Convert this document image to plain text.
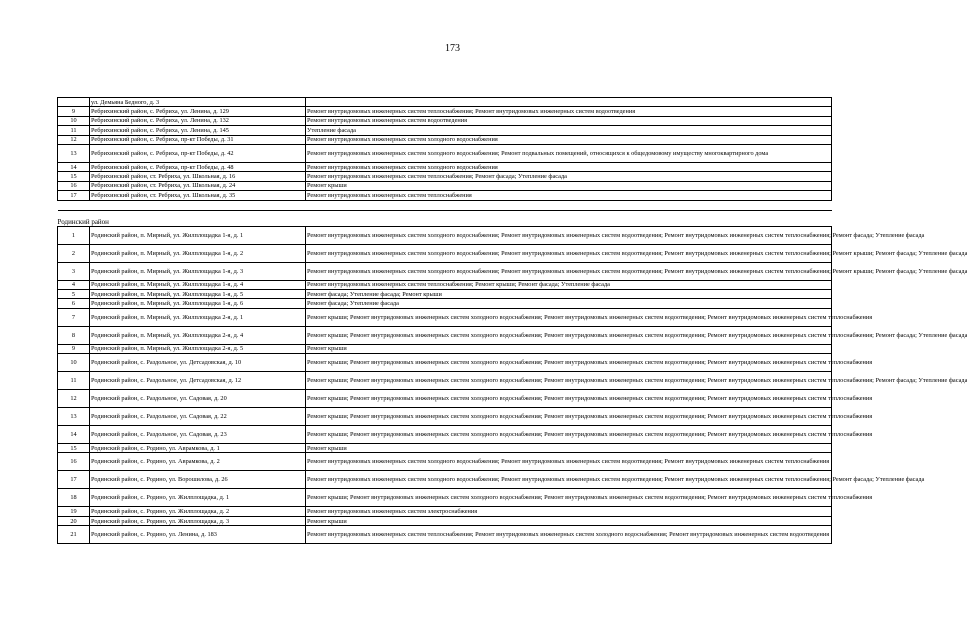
173
	ул. Демьяна Бедного, д. 3	
9	Ребрихинский район, с. Ребриха, ул. Ленина, д. 129	Ремонт внутридомовых инженерных систем теплоснабжения; Ремонт внутридомовых инженерных систем водоотведения
10	Ребрихинский район, с. Ребриха, ул. Ленина, д. 132	Ремонт внутридомовых инженерных систем водоотведения
11	Ребрихинский район, с. Ребриха, ул. Ленина, д. 145	Утепление фасада
12	Ребрихинский район, с. Ребриха, пр-кт Победы, д. 31	Ремонт внутридомовых инженерных систем холодного водоснабжения
13	Ребрихинский район, с. Ребриха, пр-кт Победы, д. 42	Ремонт внутридомовых инженерных систем холодного водоснабжения; Ремонт подвальных помещений, относящихся к общедомовому имуществу многоквартирного дома
14	Ребрихинский район, с. Ребриха, пр-кт Победы, д. 48	Ремонт внутридомовых инженерных систем холодного водоснабжения
15	Ребрихинский район, ст. Ребриха, ул. Школьная, д. 16	Ремонт внутридомовых инженерных систем теплоснабжения; Ремонт фасада; Утепление фасада
16	Ребрихинский район, ст. Ребриха, ул. Школьная, д. 24	Ремонт крыши
17	Ребрихинский район, ст. Ребриха, ул. Школьная, д. 35	Ремонт внутридомовых инженерных систем теплоснабжения

Родинский район		
1	Родинский район, п. Мирный, ул. Жилплощадка 1-я, д. 1	Ремонт внутридомовых инженерных систем холодного водоснабжения; Ремонт внутридомовых инженерных систем водоотведения; Ремонт внутридомовых инженерных систем теплоснабжения; Ремонт фасада; Утепление фасада
2	Родинский район, п. Мирный, ул. Жилплощадка 1-я, д. 2	Ремонт внутридомовых инженерных систем холодного водоснабжения; Ремонт внутридомовых инженерных систем водоотведения; Ремонт внутридомовых инженерных систем теплоснабжения; Ремонт крыши; Ремонт фасада; Утепление фасада
3	Родинский район, п. Мирный, ул. Жилплощадка 1-я, д. 3	Ремонт внутридомовых инженерных систем холодного водоснабжения; Ремонт внутридомовых инженерных систем водоотведения; Ремонт внутридомовых инженерных систем теплоснабжения; Ремонт крыши; Ремонт фасада; Утепление фасада
4	Родинский район, п. Мирный, ул. Жилплощадка 1-я, д. 4	Ремонт внутридомовых инженерных систем теплоснабжения; Ремонт крыши; Ремонт фасада; Утепление фасада
5	Родинский район, п. Мирный, ул. Жилплощадка 1-я, д. 5	Ремонт фасада; Утепление фасада; Ремонт крыши
6	Родинский район, п. Мирный, ул. Жилплощадка 1-я, д. 6	Ремонт фасада; Утепление фасада
7	Родинский район, п. Мирный, ул. Жилплощадка 2-я, д. 1	Ремонт крыши; Ремонт внутридомовых инженерных систем холодного водоснабжения; Ремонт внутридомовых инженерных систем водоотведения; Ремонт внутридомовых инженерных систем теплоснабжения
8	Родинский район, п. Мирный, ул. Жилплощадка 2-я, д. 4	Ремонт крыши; Ремонт внутридомовых инженерных систем холодного водоснабжения; Ремонт внутридомовых инженерных систем водоотведения; Ремонт внутридомовых инженерных систем теплоснабжения; Ремонт фасада; Утепление фасада
9	Родинский район, п. Мирный, ул. Жилплощадка 2-я, д. 5	Ремонт крыши
10	Родинский район, с. Раздольное, ул. Детсадовская, д. 10	Ремонт крыши; Ремонт внутридомовых инженерных систем холодного водоснабжения; Ремонт внутридомовых инженерных систем водоотведения; Ремонт внутридомовых инженерных систем теплоснабжения
11	Родинский район, с. Раздольное, ул. Детсадовская, д. 12	Ремонт крыши; Ремонт внутридомовых инженерных систем холодного водоснабжения; Ремонт внутридомовых инженерных систем водоотведения; Ремонт внутридомовых инженерных систем теплоснабжения; Ремонт фасада; Утепление фасада
12	Родинский район, с. Раздольное, ул. Садовая, д. 20	Ремонт крыши; Ремонт внутридомовых инженерных систем холодного водоснабжения; Ремонт внутридомовых инженерных систем водоотведения; Ремонт внутридомовых инженерных систем теплоснабжения
13	Родинский район, с. Раздольное, ул. Садовая, д. 22	Ремонт крыши; Ремонт внутридомовых инженерных систем холодного водоснабжения; Ремонт внутридомовых инженерных систем водоотведения; Ремонт внутридомовых инженерных систем теплоснабжения
14	Родинский район, с. Раздольное, ул. Садовая, д. 23	Ремонт крыши; Ремонт внутридомовых инженерных систем холодного водоснабжения; Ремонт внутридомовых инженерных систем водоотведения; Ремонт внутридомовых инженерных систем теплоснабжения
15	Родинский район, с. Родино, ул. Аврамкова, д. 1	Ремонт крыши
16	Родинский район, с. Родино, ул. Аврамкова, д. 2	Ремонт внутридомовых инженерных систем холодного водоснабжения; Ремонт внутридомовых инженерных систем водоотведения; Ремонт внутридомовых инженерных систем теплоснабжения
17	Родинский район, с. Родино, ул. Ворошилова, д. 26	Ремонт внутридомовых инженерных систем холодного водоснабжения; Ремонт внутридомовых инженерных систем водоотведения; Ремонт внутридомовых инженерных систем теплоснабжения; Ремонт фасада; Утепление фасада
18	Родинский район, с. Родино, ул. Жилплощадка, д. 1	Ремонт крыши; Ремонт внутридомовых инженерных систем холодного водоснабжения; Ремонт внутридомовых инженерных систем водоотведения; Ремонт внутридомовых инженерных систем теплоснабжения
19	Родинский район, с. Родино, ул. Жилплощадка, д. 2	Ремонт внутридомовых инженерных систем электроснабжения
20	Родинский район, с. Родино, ул. Жилплощадка, д. 3	Ремонт крыши
21	Родинский район, с. Родино, ул. Ленина, д. 183	Ремонт внутридомовых инженерных систем теплоснабжения; Ремонт внутридомовых инженерных систем холодного водоснабжения; Ремонт внутридомовых инженерных систем водоотведения
